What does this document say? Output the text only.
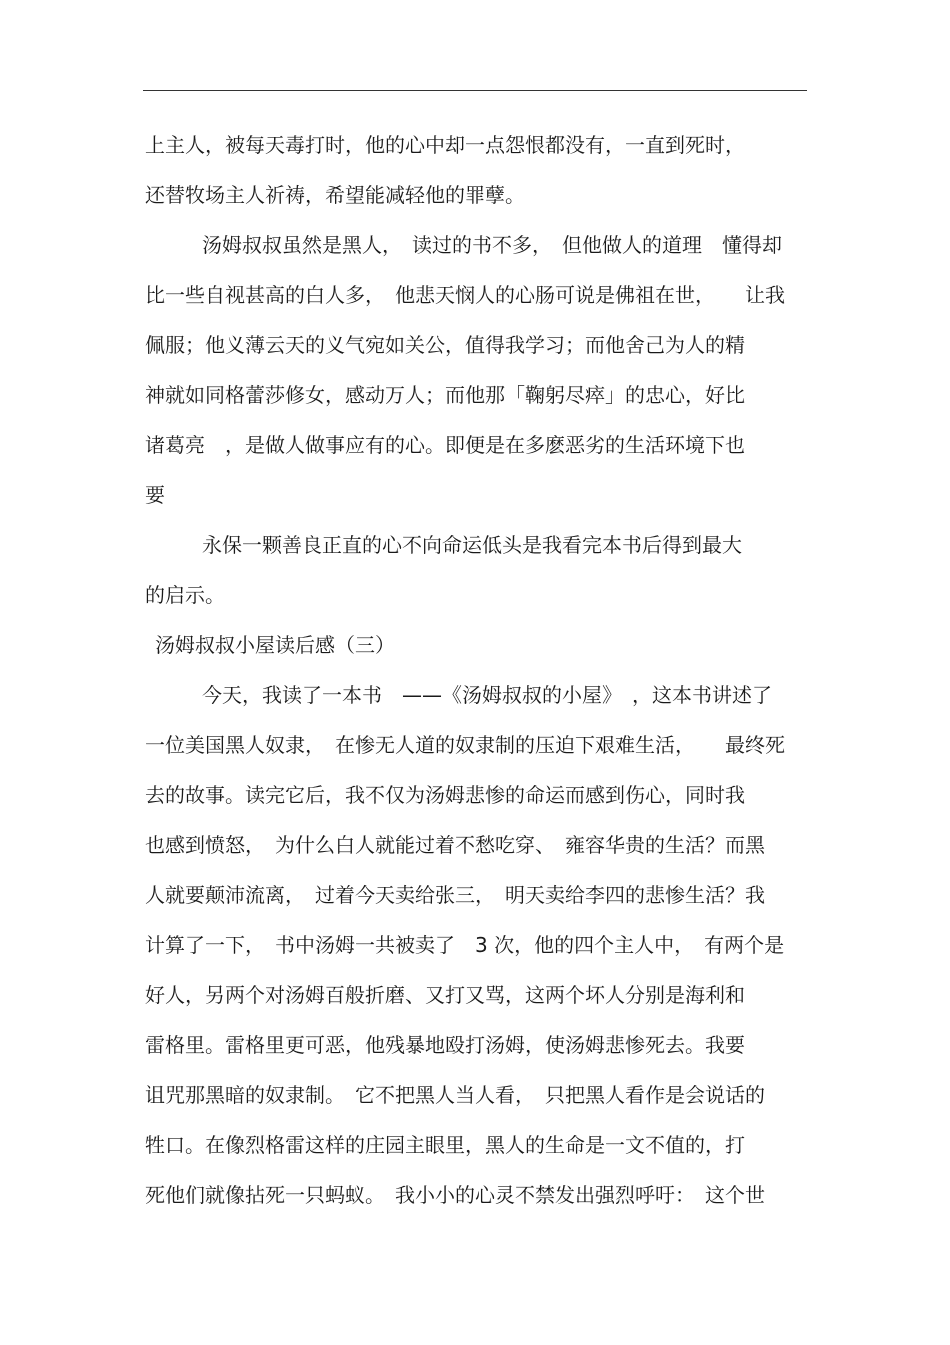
上主人，被每天毒打时，他的心中却一点怨恨都没有，一直到死时，
还替牧场主人祈祷，希望能减轻他的罪孽。
汤姆叔叔虽然是黑人，　读过的书不多，　但他做人的道理　懂得却
比一些自视甚高的白人多，　他悲天悯人的心肠可说是佛祖在世，　　让我
佩服；他义薄云天的义气宛如关公，值得我学习；而他舍己为人的精
神就如同格蕾莎修女，感动万人；而他那「鞠躬尽瘁」的忠心，好比
诸葛亮　，是做人做事应有的心。即便是在多麽恶劣的生活环境下也
要
永保一颗善良正直的心不向命运低头是我看完本书后得到最大
的启示。
汤姆叔叔小屋读后感（三）
今天，我读了一本书　——《汤姆叔叔的小屋》　，这本书讲述了
一位美国黑人奴隶，　在惨无人道的奴隶制的压迫下艰难生活，　　最终死
去的故事。读完它后，我不仅为汤姆悲惨的命运而感到伤心，同时我
也感到愤怒，　为什么白人就能过着不愁吃穿、　雍容华贵的生活？而黑
人就要颠沛流离，　过着今天卖给张三，　明天卖给李四的悲惨生活？我
计算了一下，　书中汤姆一共被卖了　3 次，他的四个主人中，　有两个是
好人，另两个对汤姆百般折磨、又打又骂，这两个坏人分别是海利和
雷格里。雷格里更可恶，他残暴地殴打汤姆，使汤姆悲惨死去。我要
诅咒那黑暗的奴隶制。　它不把黑人当人看，　只把黑人看作是会说话的
牲口。在像烈格雷这样的庄园主眼里，黑人的生命是一文不值的，打
死他们就像拈死一只蚂蚁。　我小小的心灵不禁发出强烈呼吁：　这个世
